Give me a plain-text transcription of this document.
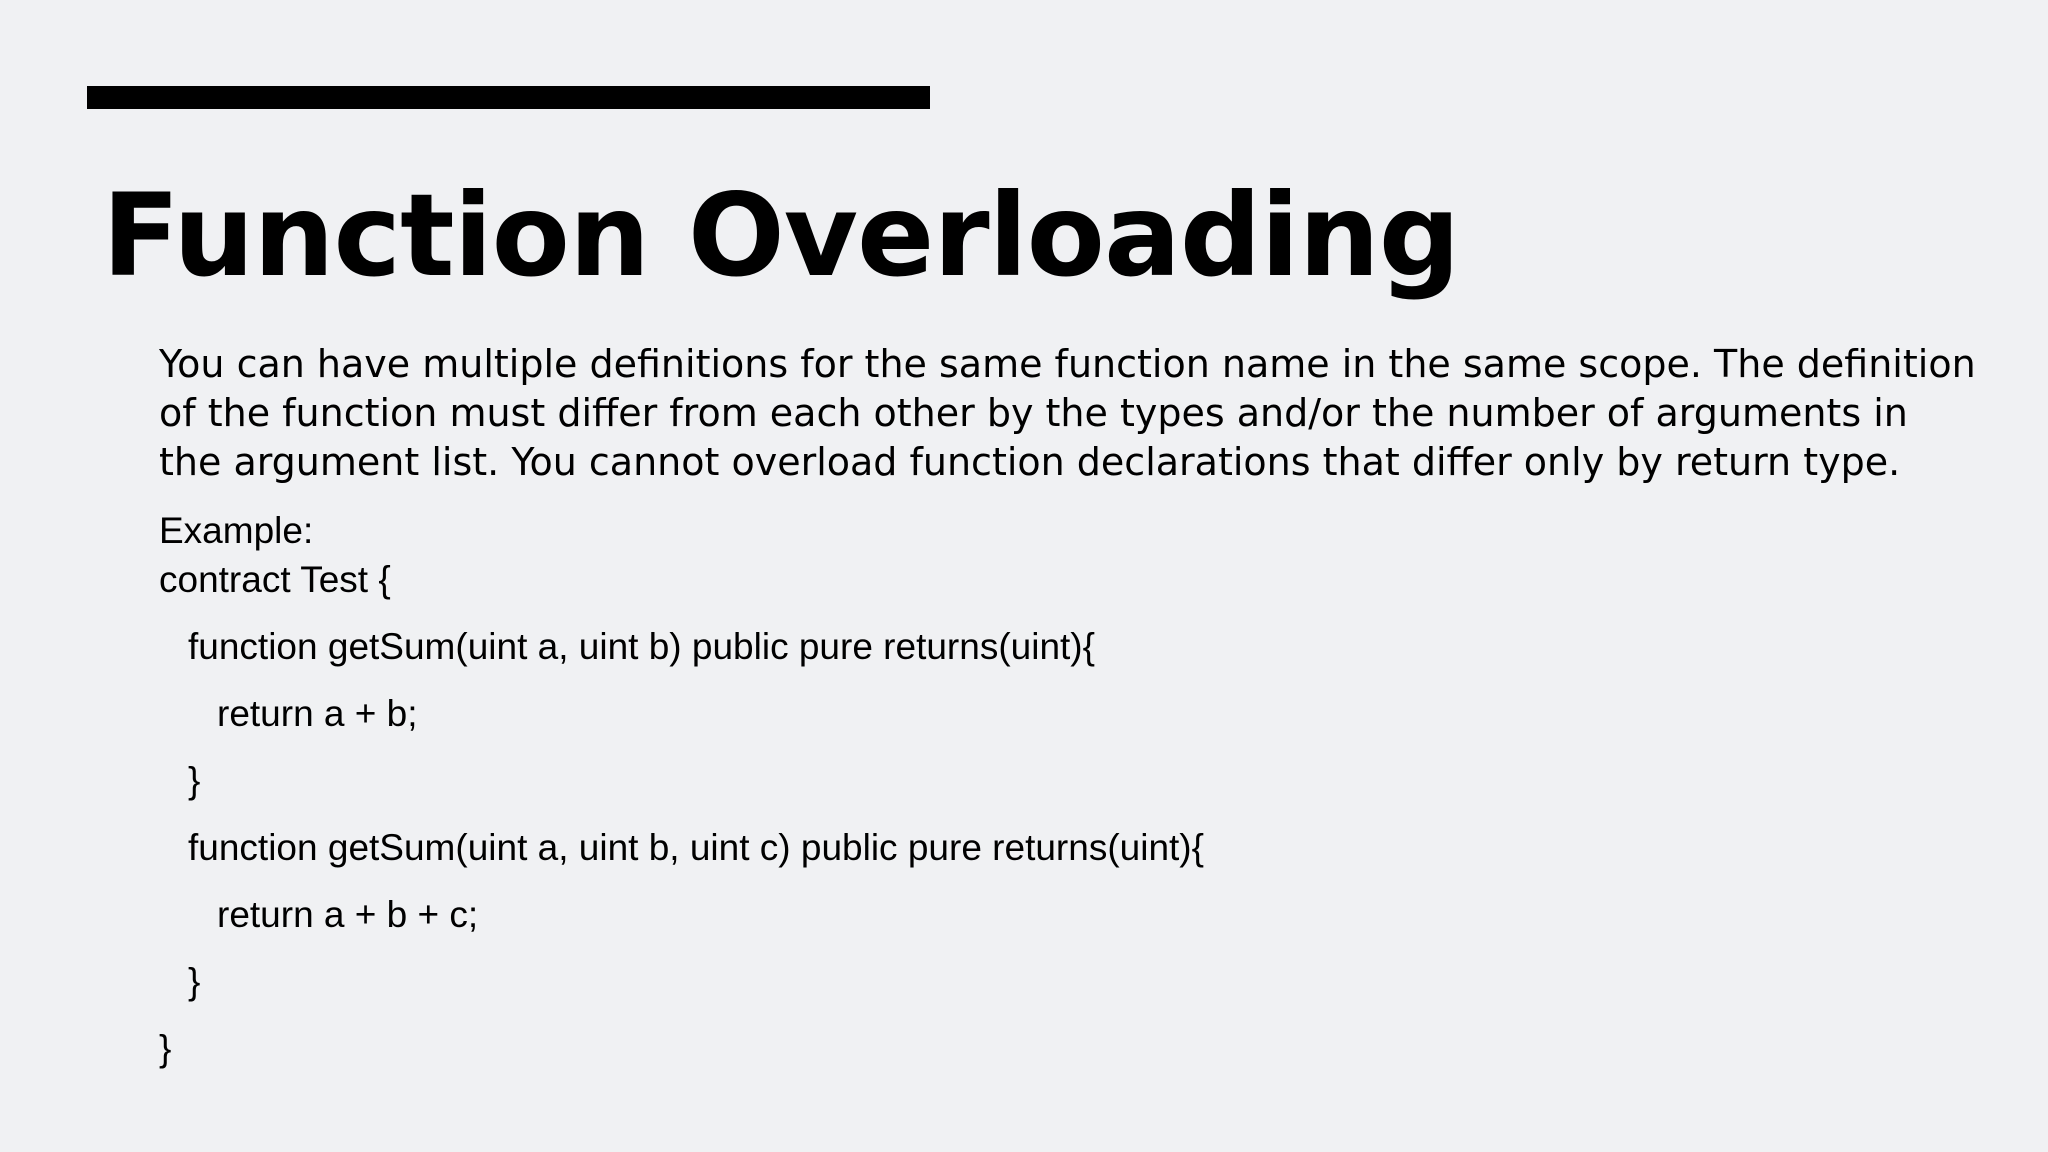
Function Overloading

You can have multiple definitions for the same function name in the same scope. The definition of the function must differ from each other by the types and/or the number of arguments in the argument list. You cannot overload function declarations that differ only by return type.

Example:
contract Test {
function getSum(uint a, uint b) public pure returns(uint){
return a + b;
}
function getSum(uint a, uint b, uint c) public pure returns(uint){
return a + b + c;
}
}
